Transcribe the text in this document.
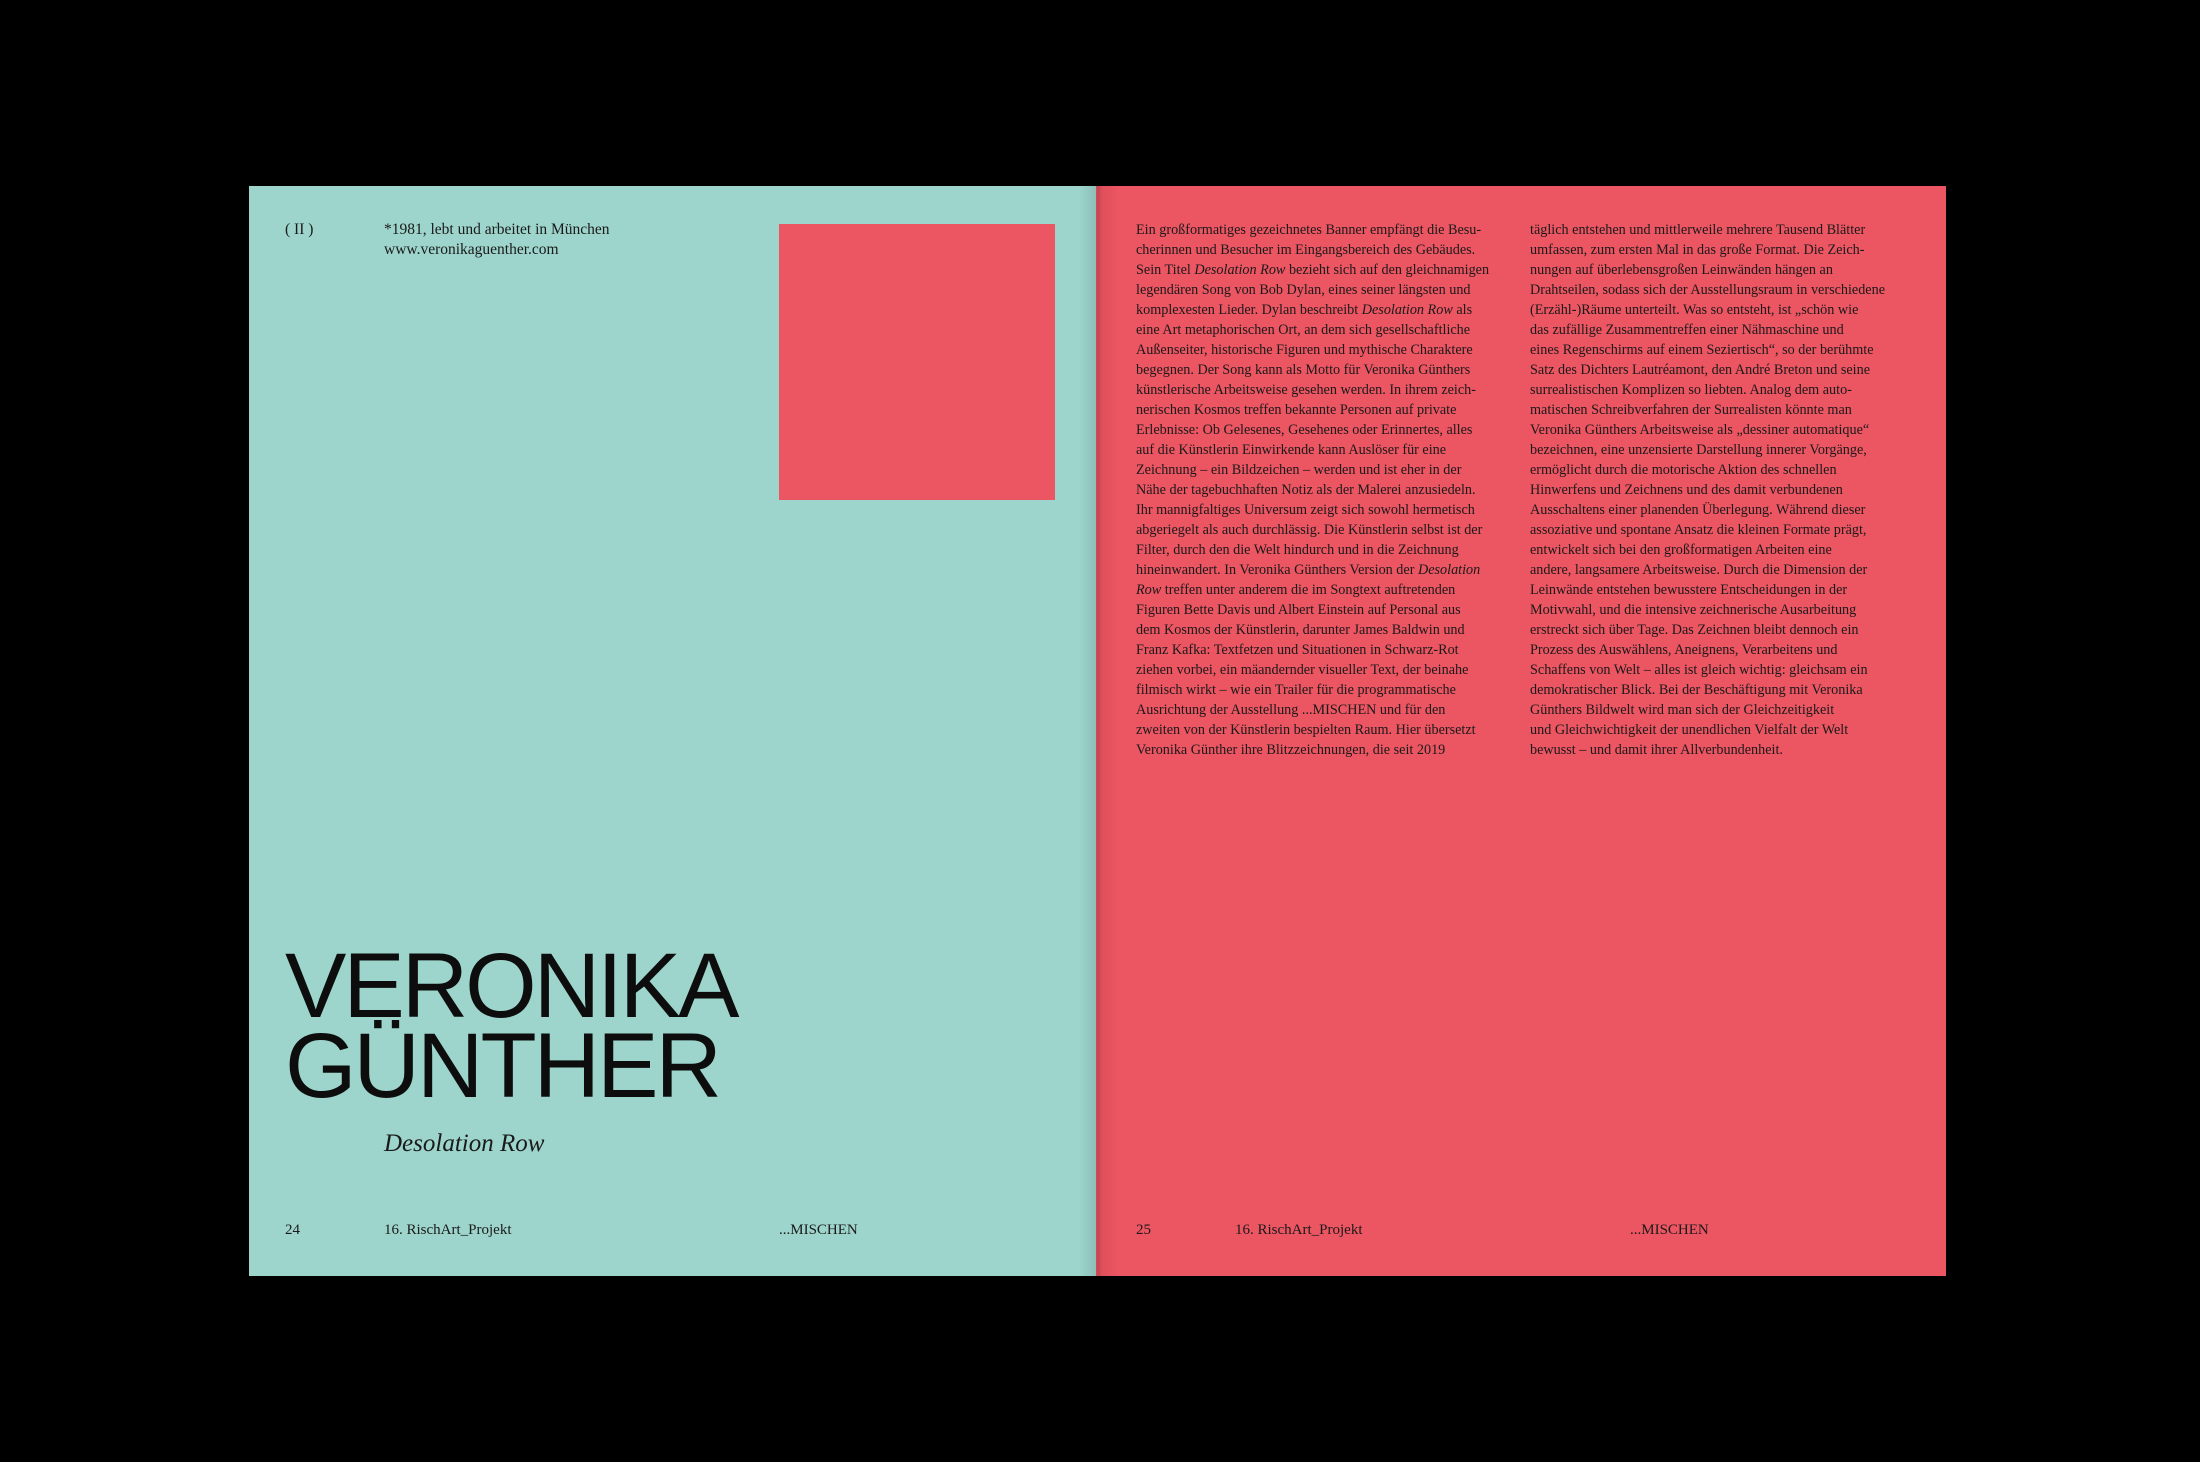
( II )	*1981, lebt und arbeitet in München
www.veronikaguenther.com
VERONIKA
GÜNTHER
Desolation Row
24	16. RischArt_Projekt	...MISCHEN

Ein großformatiges gezeichnetes Banner empfängt die Besu-

cherinnen und Besucher im Eingangsbereich des Gebäudes.

Sein Titel Desolation Row bezieht sich auf den gleichnamigen

legendären Song von Bob Dylan, eines seiner längsten und

komplexesten Lieder. Dylan beschreibt Desolation Row als

eine Art metaphorischen Ort, an dem sich gesellschaftliche

Außenseiter, historische Figuren und mythische Charaktere

begegnen. Der Song kann als Motto für Veronika Günthers

künstlerische Arbeitsweise gesehen werden. In ihrem zeich-

nerischen Kosmos treffen bekannte Personen auf private

Erlebnisse: Ob Gelesenes, Gesehenes oder Erinnertes, alles

auf die Künstlerin Einwirkende kann Auslöser für eine

Zeichnung – ein Bildzeichen – werden und ist eher in der

Nähe der tagebuchhaften Notiz als der Malerei anzusiedeln.

Ihr mannigfaltiges Universum zeigt sich sowohl hermetisch

abgeriegelt als auch durchlässig. Die Künstlerin selbst ist der

Filter, durch den die Welt hindurch und in die Zeichnung

hineinwandert. In Veronika Günthers Version der Desolation

Row treffen unter anderem die im Songtext auftretenden

Figuren Bette Davis und Albert Einstein auf Personal aus

dem Kosmos der Künstlerin, darunter James Baldwin und

Franz Kafka: Textfetzen und Situationen in Schwarz-Rot

ziehen vorbei, ein mäandernder visueller Text, der beinahe

filmisch wirkt – wie ein Trailer für die programmatische

Ausrichtung der Ausstellung ...MISCHEN und für den

zweiten von der Künstlerin bespielten Raum. Hier übersetzt

Veronika Günther ihre Blitzzeichnungen, die seit 2019

täglich entstehen und mittlerweile mehrere Tausend Blätter

umfassen, zum ersten Mal in das große Format. Die Zeich-

nungen auf überlebensgroßen Leinwänden hängen an

Drahtseilen, sodass sich der Ausstellungsraum in verschiedene

(Erzähl-)Räume unterteilt. Was so entsteht, ist „schön wie

das zufällige Zusammentreffen einer Nähmaschine und

eines Regenschirms auf einem Seziertisch“, so der berühmte

Satz des Dichters Lautréamont, den André Breton und seine

surrealistischen Komplizen so liebten. Analog dem auto-

matischen Schreibverfahren der Surrealisten könnte man

Veronika Günthers Arbeitsweise als „dessiner automatique“

bezeichnen, eine unzensierte Darstellung innerer Vorgänge,

ermöglicht durch die motorische Aktion des schnellen

Hinwerfens und Zeichnens und des damit verbundenen

Ausschaltens einer planenden Überlegung. Während dieser

assoziative und spontane Ansatz die kleinen Formate prägt,

entwickelt sich bei den großformatigen Arbeiten eine

andere, langsamere Arbeitsweise. Durch die Dimension der

Leinwände entstehen bewusstere Entscheidungen in der

Motivwahl, und die intensive zeichnerische Ausarbeitung

erstreckt sich über Tage. Das Zeichnen bleibt dennoch ein

Prozess des Auswählens, Aneignens, Verarbeitens und

Schaffens von Welt – alles ist gleich wichtig: gleichsam ein

demokratischer Blick. Bei der Beschäftigung mit Veronika

Günthers Bildwelt wird man sich der Gleichzeitigkeit

und Gleichwichtigkeit der unendlichen Vielfalt der Welt

bewusst – und damit ihrer Allverbundenheit.

25	16. RischArt_Projekt	...MISCHEN
